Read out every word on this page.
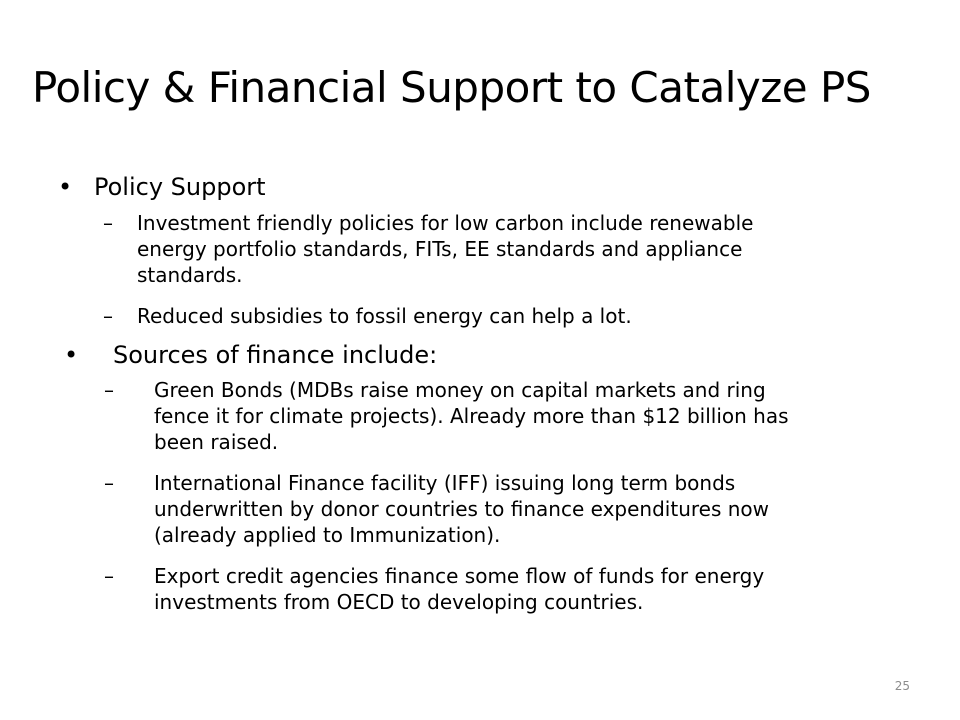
Policy & Financial Support to Catalyze PS
• Policy Support
– Investment friendly policies for low carbon include renewable
energy portfolio standards, FITs, EE standards and appliance
standards.
– Reduced subsidies to fossil energy can help a lot.
• Sources of finance include:
– Green Bonds (MDBs raise money on capital markets and ring
fence it for climate projects). Already more than $12 billion has
been raised.
– International Finance facility (IFF) issuing long term bonds
underwritten by donor countries to finance expenditures now
(already applied to Immunization).
– Export credit agencies finance some flow of funds for energy
investments from OECD to developing countries.
25
